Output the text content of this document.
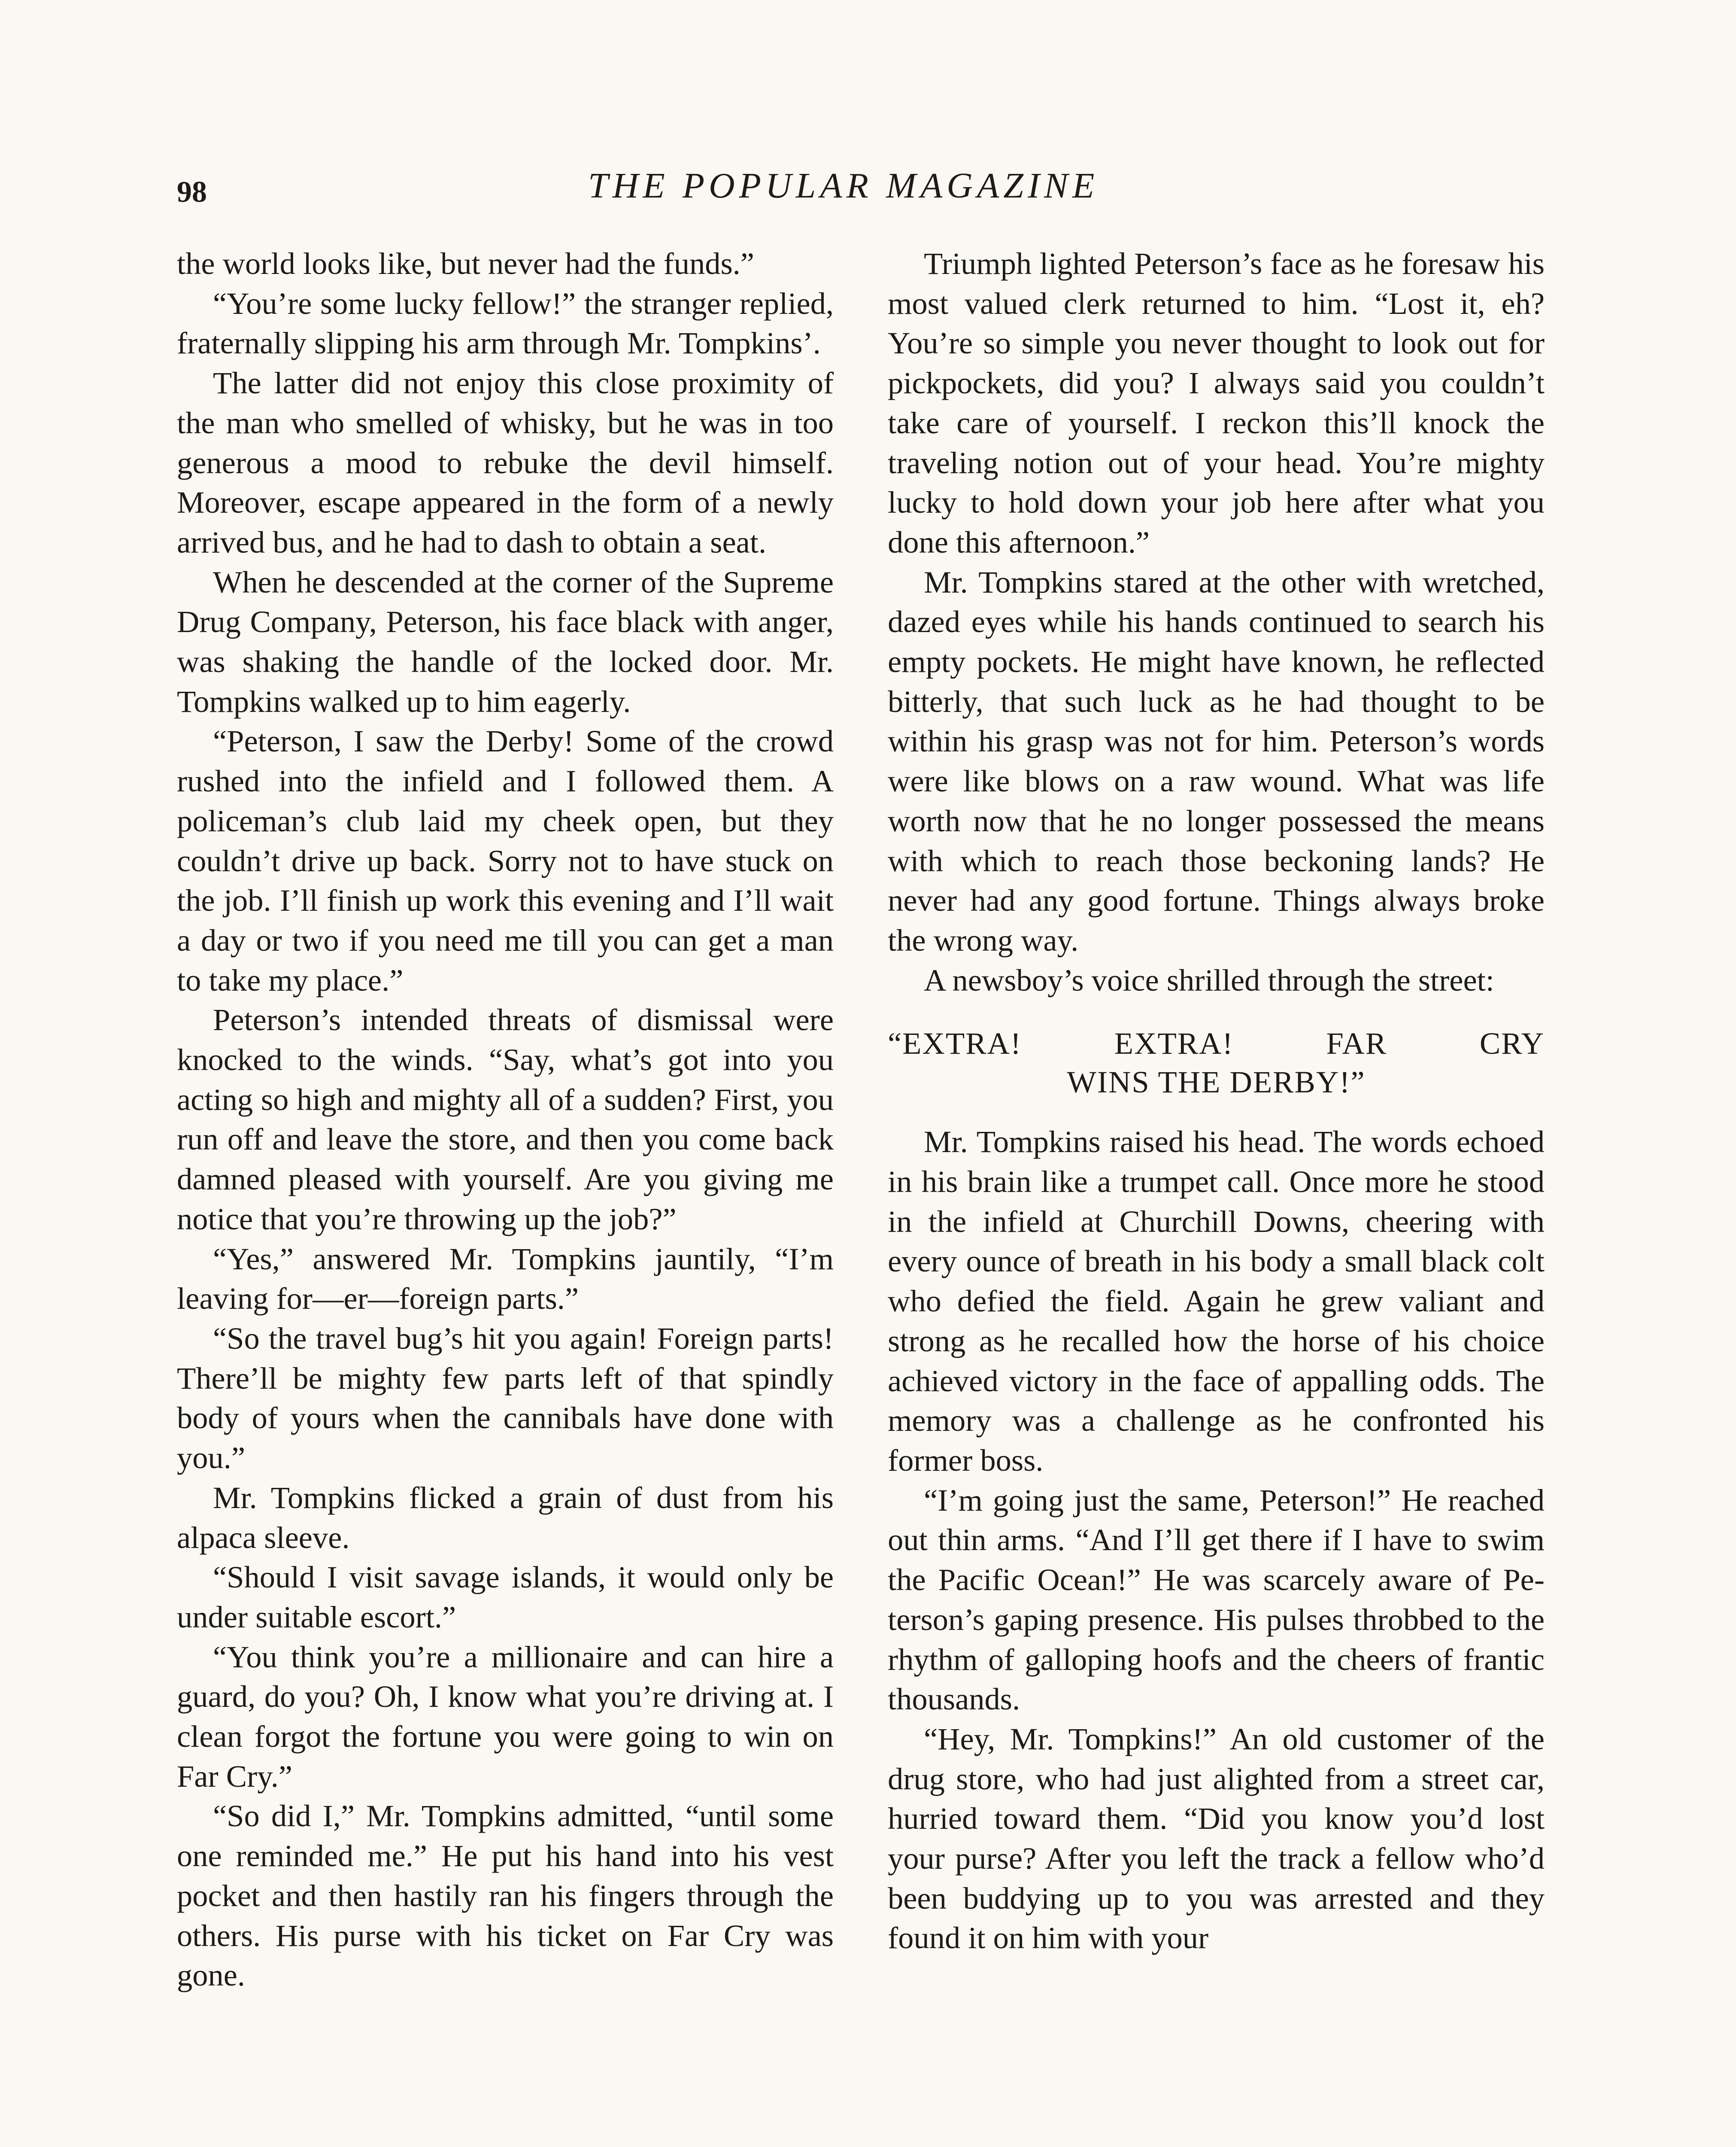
98	THE POPULAR MAGAZINE

the world looks like, but never had the funds.”

“You’re some lucky fellow!” the stranger replied, fraternally slipping his arm through Mr. Tompkins’.

The latter did not enjoy this close proximity of the man who smelled of whisky, but he was in too generous a mood to rebuke the devil himself. Moreover, escape appeared in the form of a newly arrived bus, and he had to dash to obtain a seat.

When he descended at the corner of the Supreme Drug Company, Peterson, his face black with anger, was shaking the handle of the locked door. Mr. Tompkins walked up to him eagerly.

“Peterson, I saw the Derby! Some of the crowd rushed into the infield and I followed them. A policeman’s club laid my cheek open, but they couldn’t drive up back. Sorry not to have stuck on the job. I’ll finish up work this evening and I’ll wait a day or two if you need me till you can get a man to take my place.”

Peterson’s intended threats of dismissal were knocked to the winds. “Say, what’s got into you acting so high and mighty all of a sudden? First, you run off and leave the store, and then you come back damned pleased with yourself. Are you giving me notice that you’re throwing up the job?”

“Yes,” answered Mr. Tompkins jauntily, “I’m leaving for—er—foreign parts.”

“So the travel bug’s hit you again! Foreign parts! There’ll be mighty few parts left of that spindly body of yours when the cannibals have done with you.”

Mr. Tompkins flicked a grain of dust from his alpaca sleeve.

“Should I visit savage islands, it would only be under suitable escort.”

“You think you’re a millionaire and can hire a guard, do you? Oh, I know what you’re driving at. I clean forgot the fortune you were going to win on Far Cry.”

“So did I,” Mr. Tompkins admitted, “until some one reminded me.” He put his hand into his vest pocket and then hastily ran his fingers through the others. His purse with his ticket on Far Cry was gone.

Triumph lighted Peterson’s face as he foresaw his most valued clerk returned to him. “Lost it, eh? You’re so simple you never thought to look out for pickpockets, did you? I always said you couldn’t take care of yourself. I reckon this’ll knock the traveling notion out of your head. You’re mighty lucky to hold down your job here after what you done this afternoon.”

Mr. Tompkins stared at the other with wretched, dazed eyes while his hands continued to search his empty pockets. He might have known, he reflected bitterly, that such luck as he had thought to be within his grasp was not for him. Peterson’s words were like blows on a raw wound. What was life worth now that he no longer possessed the means with which to reach those beckoning lands? He never had any good fortune. Things always broke the wrong way.

A newsboy’s voice shrilled through the street:

“EXTRA! EXTRA! FAR CRY
WINS THE DERBY!”

Mr. Tompkins raised his head. The words echoed in his brain like a trumpet call. Once more he stood in the infield at Churchill Downs, cheering with every ounce of breath in his body a small black colt who defied the field. Again he grew valiant and strong as he recalled how the horse of his choice achieved victory in the face of appalling odds. The memory was a challenge as he confronted his former boss.

“I’m going just the same, Peterson!” He reached out thin arms. “And I’ll get there if I have to swim the Pacific Ocean!” He was scarcely aware of Peterson’s gaping presence. His pulses throbbed to the rhythm of galloping hoofs and the cheers of frantic thousands.

“Hey, Mr. Tompkins!” An old customer of the drug store, who had just alighted from a street car, hurried toward them. “Did you know you’d lost your purse? After you left the track a fellow who’d been buddying up to you was arrested and they found it on him with your
